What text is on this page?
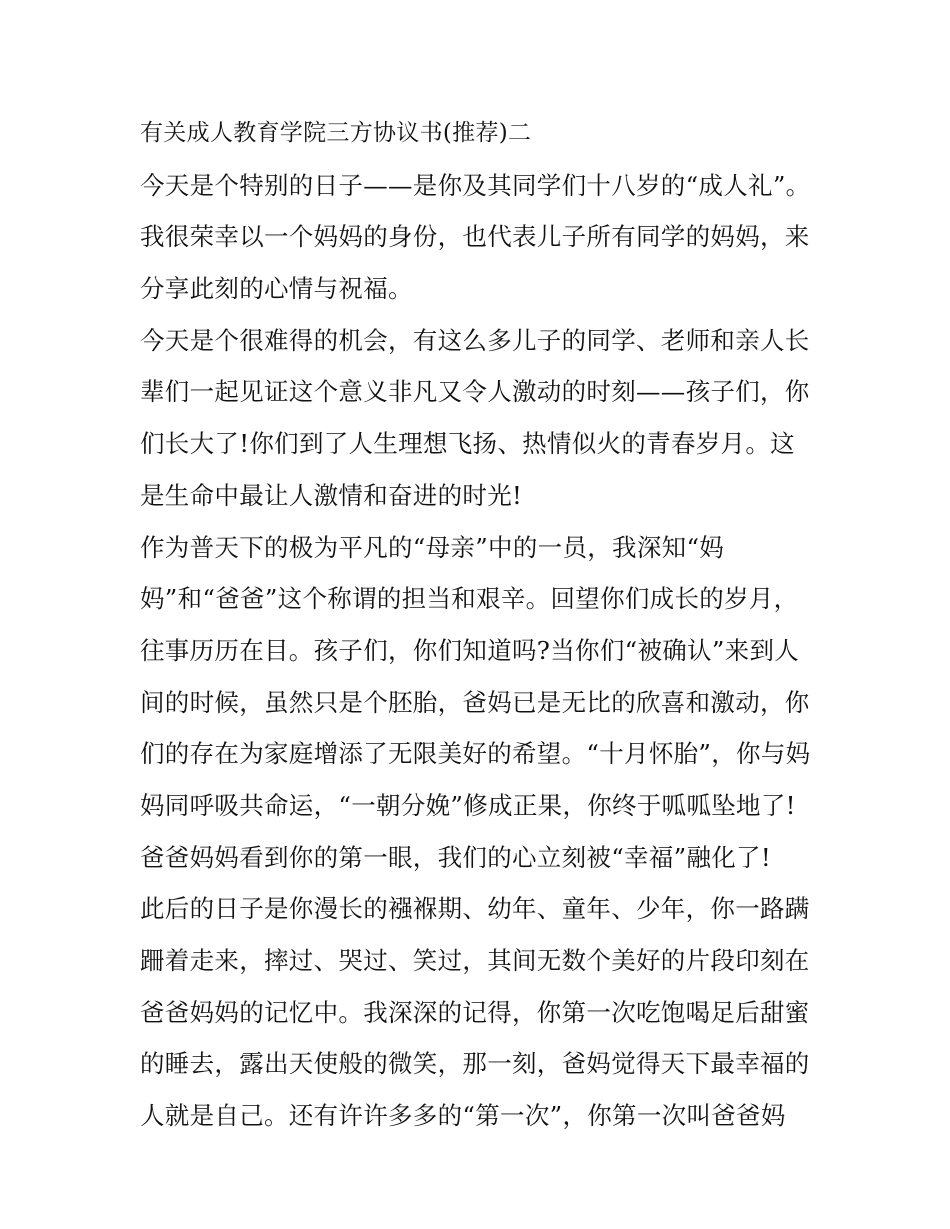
有关成人教育学院三方协议书(推荐)二
今天是个特别的日子——是你及其同学们十八岁的“成人礼”。
我很荣幸以一个妈妈的身份，也代表儿子所有同学的妈妈，来
分享此刻的心情与祝福。
今天是个很难得的机会，有这么多儿子的同学、老师和亲人长
辈们一起见证这个意义非凡又令人激动的时刻——孩子们，你
们长大了!你们到了人生理想飞扬、热情似火的青春岁月。这
是生命中最让人激情和奋进的时光!
作为普天下的极为平凡的“母亲”中的一员，我深知“妈
妈”和“爸爸”这个称谓的担当和艰辛。回望你们成长的岁月，
往事历历在目。孩子们，你们知道吗?当你们“被确认”来到人
间的时候，虽然只是个胚胎，爸妈已是无比的欣喜和激动，你
们的存在为家庭增添了无限美好的希望。“十月怀胎”，你与妈
妈同呼吸共命运，“一朝分娩”修成正果，你终于呱呱坠地了!
爸爸妈妈看到你的第一眼，我们的心立刻被“幸福”融化了!
此后的日子是你漫长的襁褓期、幼年、童年、少年，你一路蹒
跚着走来，摔过、哭过、笑过，其间无数个美好的片段印刻在
爸爸妈妈的记忆中。我深深的记得，你第一次吃饱喝足后甜蜜
的睡去，露出天使般的微笑，那一刻，爸妈觉得天下最幸福的
人就是自己。还有许许多多的“第一次”，你第一次叫爸爸妈
